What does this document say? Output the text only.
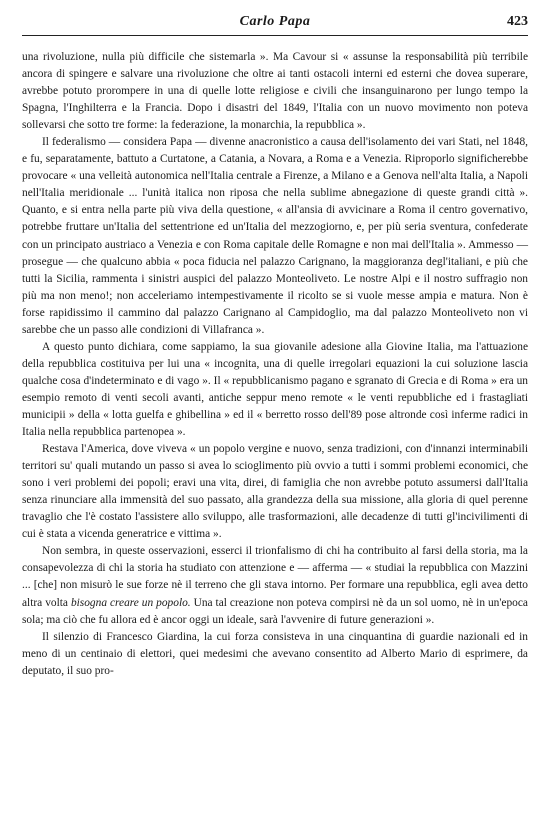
Carlo Papa	423

una rivoluzione, nulla più difficile che sistemarla ». Ma Cavour si « assunse la responsabilità più terribile ancora di spingere e salvare una rivoluzione che oltre ai tanti ostacoli interni ed esterni che dovea superare, avrebbe potuto prorompere in una di quelle lotte religiose e civili che insanguinarono per lungo tempo la Spagna, l'Inghilterra e la Francia. Dopo i disastri del 1849, l'Italia con un nuovo movimento non poteva sollevarsi che sotto tre forme: la federazione, la monarchia, la repubblica ».

Il federalismo — considera Papa — divenne anacronistico a causa dell'isolamento dei vari Stati, nel 1848, e fu, separatamente, battuto a Curtatone, a Catania, a Novara, a Roma e a Venezia. Riproporlo significherebbe provocare « una velleità autonomica nell'Italia centrale a Firenze, a Milano e a Genova nell'alta Italia, a Napoli nell'Italia meridionale ... l'unità italica non riposa che nella sublime abnegazione di queste grandi città ». Quanto, e si entra nella parte più viva della questione, « all'ansia di avvicinare a Roma il centro governativo, potrebbe fruttare un'Italia del settentrione ed un'Italia del mezzogiorno, e, per più seria sventura, confederate con un principato austriaco a Venezia e con Roma capitale delle Romagne e non mai dell'Italia ». Ammesso — prosegue — che qualcuno abbia « poca fiducia nel palazzo Carignano, la maggioranza degl'italiani, e più che tutti la Sicilia, rammenta i sinistri auspici del palazzo Monteoliveto. Le nostre Alpi e il nostro suffragio non più ma non meno!; non acceleriamo intempestivamente il ricolto se si vuole messe ampia e matura. Non è forse rapidissimo il cammino dal palazzo Carignano al Campidoglio, ma dal palazzo Monteoliveto non vi sarebbe che un passo alle condizioni di Villafranca ».

A questo punto dichiara, come sappiamo, la sua giovanile adesione alla Giovine Italia, ma l'attuazione della repubblica costituiva per lui una « incognita, una di quelle irregolari equazioni la cui soluzione lascia qualche cosa d'indeterminato e di vago ». Il « repubblicanismo pagano e sgranato di Grecia e di Roma » era un esempio remoto di venti secoli avanti, antiche seppur meno remote « le venti repubbliche ed i frastagliati municipii » della « lotta guelfa e ghibellina » ed il « berretto rosso dell'89 pose altronde così inferme radici in Italia nella repubblica partenopea ».

Restava l'America, dove viveva « un popolo vergine e nuovo, senza tradizioni, con d'innanzi interminabili territori su' quali mutando un passo si avea lo scioglimento più ovvio a tutti i sommi problemi economici, che sono i veri problemi dei popoli; eravi una vita, direi, di famiglia che non avrebbe potuto assumersi dall'Italia senza rinunciare alla immensità del suo passato, alla grandezza della sua missione, alla gloria di quel perenne travaglio che l'è costato l'assistere allo sviluppo, alle trasformazioni, alle decadenze di tutti gl'incivilimenti di cui è stata a vicenda generatrice e vittima ».

Non sembra, in queste osservazioni, esserci il trionfalismo di chi ha contribuito al farsi della storia, ma la consapevolezza di chi la storia ha studiato con attenzione e — afferma — « studiai la repubblica con Mazzini ... [che] non misurò le sue forze nè il terreno che gli stava intorno. Per formare una repubblica, egli avea detto altra volta bisogna creare un popolo. Una tal creazione non poteva compirsi nè da un sol uomo, nè in un'epoca sola; ma ciò che fu allora ed è ancor oggi un ideale, sarà l'avvenire di future generazioni ».

Il silenzio di Francesco Giardina, la cui forza consisteva in una cinquantina di guardie nazionali ed in meno di un centinaio di elettori, quei medesimi che avevano consentito ad Alberto Mario di esprimere, da deputato, il suo pro-
